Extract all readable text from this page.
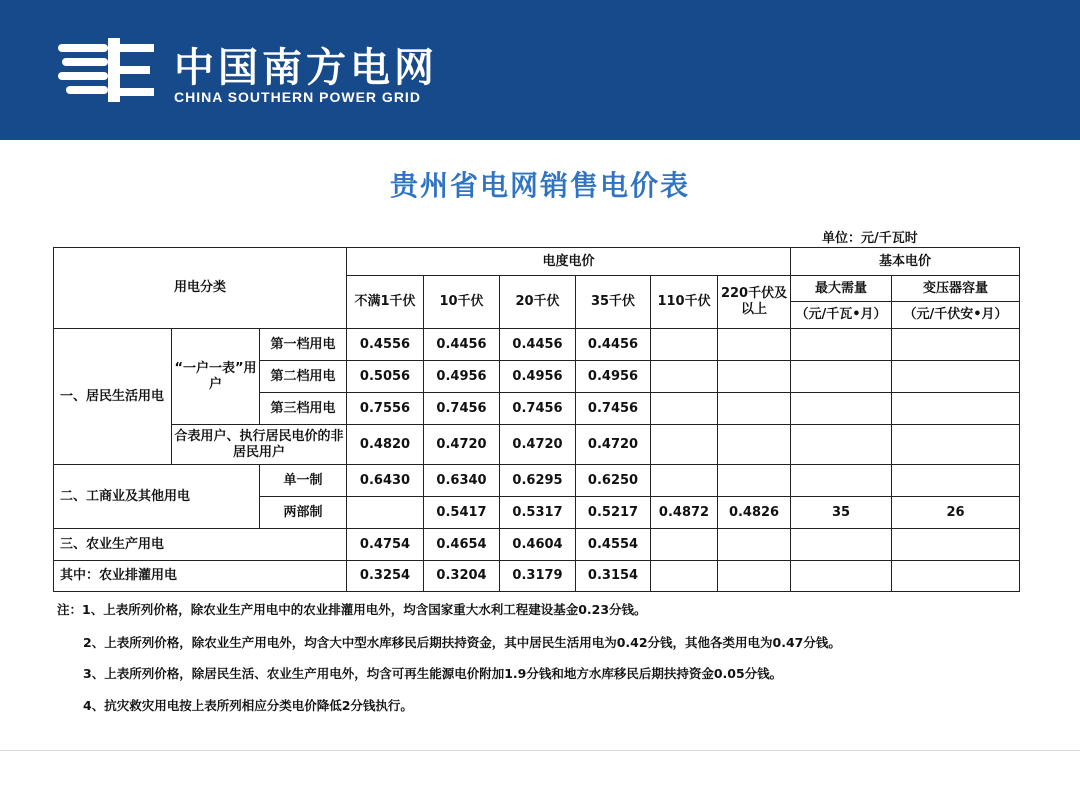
中国南方电网
CHINA SOUTHERN POWER GRID
贵州省电网销售电价表
单位：元/千瓦时
用电分类			电度电价						基本电价	
			不满1千伏	10千伏	20千伏	35千伏	110千伏	220千伏及以上	最大需量	变压器容量
									（元/千瓦•月）	（元/千伏安•月）
一、居民生活用电	“一户一表”用户	第一档用电	0.4556	0.4456	0.4456	0.4456				
		第二档用电	0.5056	0.4956	0.4956	0.4956				
		第三档用电	0.7556	0.7456	0.7456	0.7456				
	合表用户、执行居民电价的非居民用户		0.4820	0.4720	0.4720	0.4720				
二、工商业及其他用电		单一制	0.6430	0.6340	0.6295	0.6250				
		两部制		0.5417	0.5317	0.5217	0.4872	0.4826	35	26
三、农业生产用电			0.4754	0.4654	0.4604	0.4554				
其中：农业排灌用电			0.3254	0.3204	0.3179	0.3154				
注：1、上表所列价格，除农业生产用电中的农业排灌用电外，均含国家重大水利工程建设基金0.23分钱。
2、上表所列价格，除农业生产用电外，均含大中型水库移民后期扶持资金，其中居民生活用电为0.42分钱，其他各类用电为0.47分钱。
3、上表所列价格，除居民生活、农业生产用电外，均含可再生能源电价附加1.9分钱和地方水库移民后期扶持资金0.05分钱。
4、抗灾救灾用电按上表所列相应分类电价降低2分钱执行。
